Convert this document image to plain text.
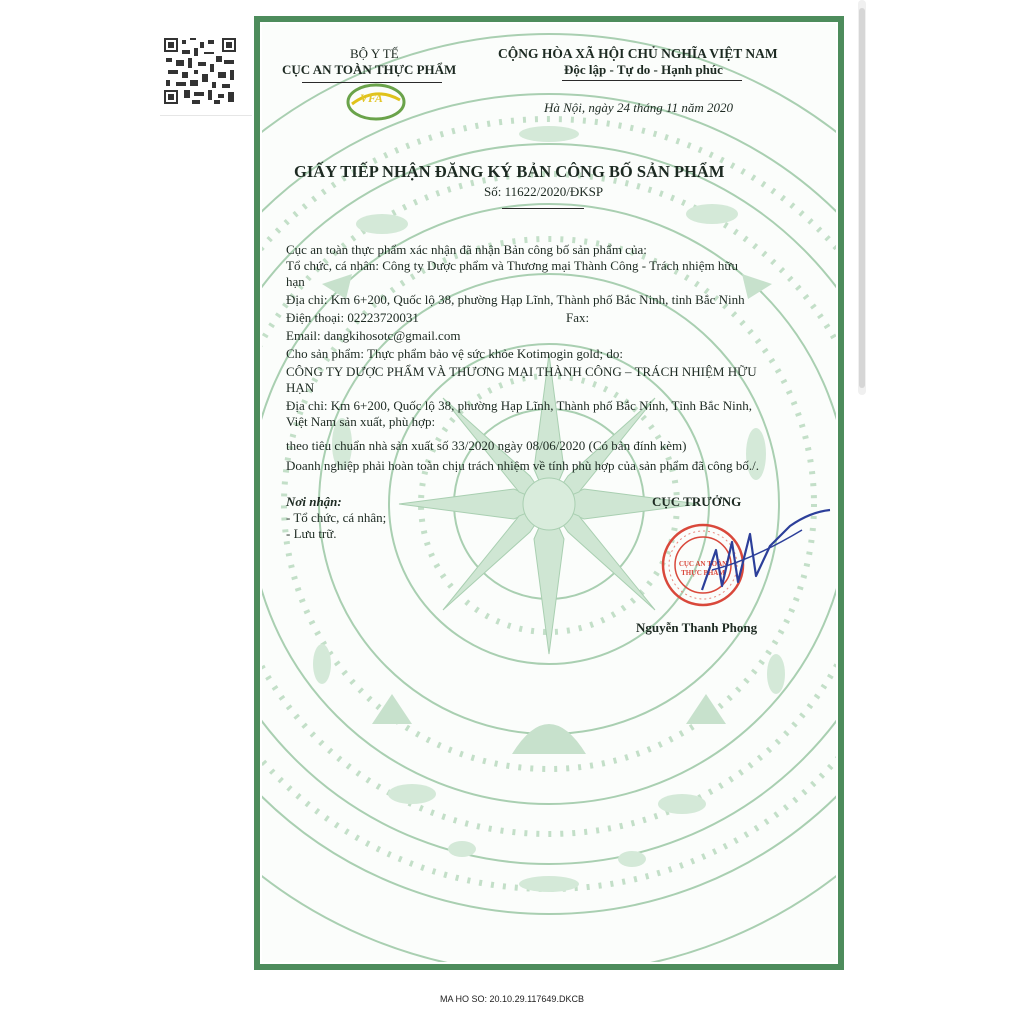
BỘ Y TẾ
CỤC AN TOÀN THỰC PHẨM
VFA
CỘNG HÒA XÃ HỘI CHỦ NGHĨA VIỆT NAM
Độc lập - Tự do - Hạnh phúc
Hà Nội, ngày 24 tháng 11 năm 2020
GIẤY TIẾP NHẬN ĐĂNG KÝ BẢN CÔNG BỐ SẢN PHẨM
Số: 11622/2020/ĐKSP
Cục an toàn thực phẩm xác nhận đã nhận Bản công bố sản phẩm của:
Tổ chức, cá nhân: Công ty Dược phẩm và Thương mại Thành Công - Trách nhiệm hữu
hạn
Địa chỉ: Km 6+200, Quốc lộ 38, phường Hạp Lĩnh, Thành phố Bắc Ninh, tỉnh Bắc Ninh
Điện thoại: 02223720031	Fax:
Email: dangkihosotc@gmail.com
Cho sản phẩm: Thực phẩm bảo vệ sức khỏe Kotimogin gold; do:
CÔNG TY DƯỢC PHẨM VÀ THƯƠNG MẠI THÀNH CÔNG – TRÁCH NHIỆM HỮU
HẠN
Địa chỉ: Km 6+200, Quốc lộ 38, phường Hạp Lĩnh, Thành phố Bắc Ninh, Tỉnh Bắc Ninh,
Việt Nam sản xuất, phù hợp:
theo tiêu chuẩn nhà sản xuất số 33/2020 ngày 08/06/2020 (Có bản đính kèm)
Doanh nghiệp phải hoàn toàn chịu trách nhiệm về tính phù hợp của sản phẩm đã công bố./.
Nơi nhận:
- Tổ chức, cá nhân;
- Lưu trữ.
CỤC TRƯỞNG
CỤC AN TOÀN THỰC PHẨM
Nguyễn Thanh Phong
MA HO SO: 20.10.29.117649.DKCB
